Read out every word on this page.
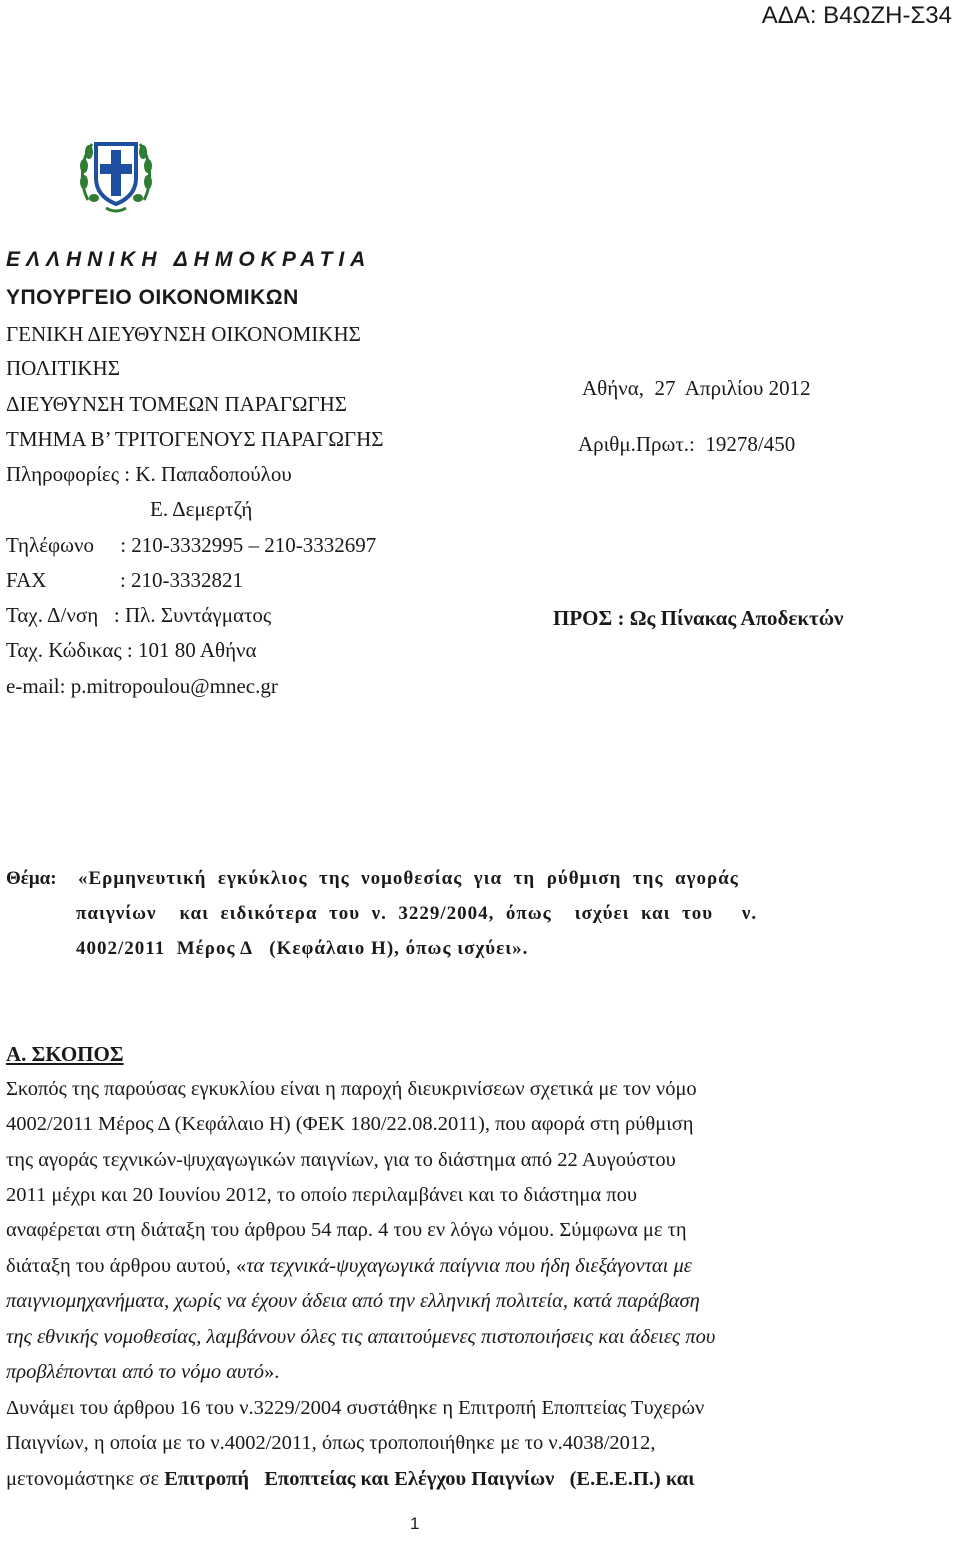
ΑΔΑ: Β4ΩΖΗ-Σ34
ΕΛΛΗΝΙΚΗ ΔΗΜΟΚΡΑΤΙΑ
ΥΠΟΥΡΓΕΙΟ ΟΙΚΟΝΟΜΙΚΩΝ
ΓΕΝΙΚΗ ΔΙΕΥΘΥΝΣΗ ΟΙΚΟΝΟΜΙΚΗΣ
ΠΟΛΙΤΙΚΗΣ
ΔΙΕΥΘΥΝΣΗ ΤΟΜΕΩΝ ΠΑΡΑΓΩΓΗΣ
ΤΜΗΜΑ Β’ ΤΡΙΤΟΓΕΝΟΥΣ ΠΑΡΑΓΩΓΗΣ
Πληροφορίες : Κ. Παπαδοπούλου
Ε. Δεμερτζή
Τηλέφωνο     : 210-3332995 – 210-3332697
FAX              : 210-3332821
Ταχ. Δ/νση   : Πλ. Συντάγματος
Ταχ. Κώδικας : 101 80 Αθήνα
e-mail: p.mitropoulou@mnec.gr
Αθήνα,  27  Απριλίου 2012
Αριθμ.Πρωτ.:  19278/450
ΠΡΟΣ : Ως Πίνακας Αποδεκτών
Θέμα: «Ερμηνευτική  εγκύκλιος  της  νομοθεσίας  για  τη  ρύθμιση  της  αγοράς
παιγνίων    και  ειδικότερα  του  ν.  3229/2004,  όπως    ισχύει  και  του     ν.
4002/2011  Μέρος Δ   (Κεφάλαιο Η), όπως ισχύει».
Α. ΣΚΟΠΟΣ
Σκοπός της παρούσας εγκυκλίου είναι η παροχή διευκρινίσεων σχετικά με τον νόμο
4002/2011 Μέρος Δ (Κεφάλαιο Η) (ΦΕΚ 180/22.08.2011), που αφορά στη ρύθμιση
της αγοράς τεχνικών-ψυχαγωγικών παιγνίων, για το διάστημα από 22 Αυγούστου
2011 μέχρι και 20 Ιουνίου 2012, το οποίο περιλαμβάνει και το διάστημα που
αναφέρεται στη διάταξη του άρθρου 54 παρ. 4 του εν λόγω νόμου. Σύμφωνα με τη
διάταξη του άρθρου αυτού, « τα τεχνικά-ψυχαγωγικά παίγνια που ήδη διεξάγονται με
παιγνιομηχανήματα, χωρίς να έχουν άδεια από την ελληνική πολιτεία, κατά παράβαση
της εθνικής νομοθεσίας, λαμβάνουν όλες τις απαιτούμενες πιστοποιήσεις και άδειες που
προβλέπονται από το νόμο αυτό ».
Δυνάμει του άρθρου 16 του ν.3229/2004 συστάθηκε η Επιτροπή Εποπτείας Τυχερών
Παιγνίων, η οποία με το ν.4002/2011, όπως τροποποιήθηκε με το ν.4038/2012,
μετονομάστηκε σε Επιτροπή   Εποπτείας και Ελέγχου Παιγνίων   (Ε.Ε.Ε.Π.) και
1
